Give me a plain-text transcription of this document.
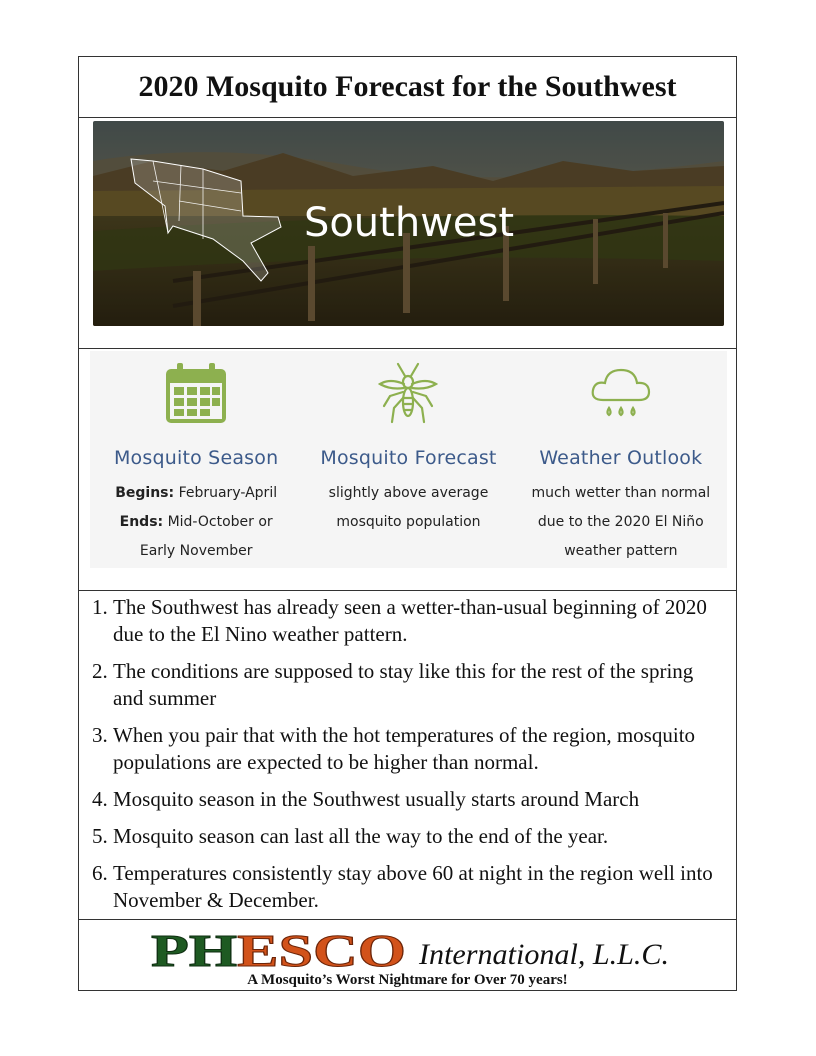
2020 Mosquito Forecast for the Southwest
Southwest
Mosquito Season

Begins: February-April

Ends: Mid-October or

Early November

Mosquito Forecast

slightly above average

mosquito population

Weather Outlook

much wetter than normal

due to the 2020 El Niño

weather pattern

1. The Southwest has already seen a wetter-than-usual beginning of 2020 due to the El Nino weather pattern.
2. The conditions are supposed to stay like this for the rest of the spring and summer
3. When you pair that with the hot temperatures of the region, mosquito populations are expected to be higher than normal.
4. Mosquito season in the Southwest usually starts around March
5. Mosquito season can last all the way to the end of the year.
6. Temperatures consistently stay above 60 at night in the region well into November & December.
PH ESCO	International, L.L.C.
A Mosquito’s Worst Nightmare for Over 70 years!
